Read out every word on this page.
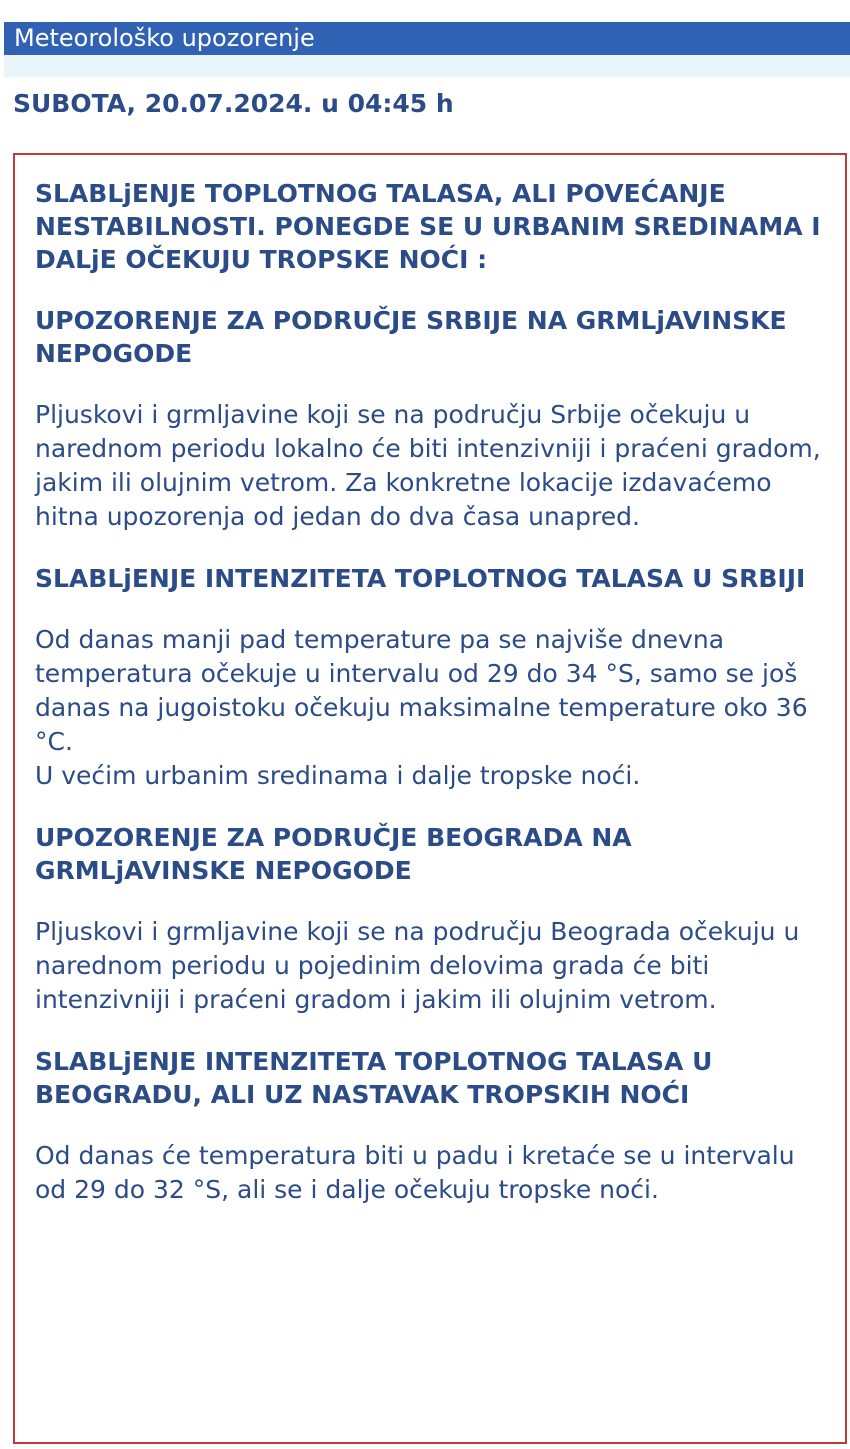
Meteorološko upozorenje
SUBOTA, 20.07.2024. u 04:45 h
SLABLjENJE TOPLOTNOG TALASA, ALI POVEĆANJE NESTABILNOSTI. PONEGDE SE U URBANIM SREDINAMA I DALjE OČEKUJU TROPSKE NOĆI :
UPOZORENJE ZA PODRUČJE SRBIJE NA GRMLjAVINSKE NEPOGODE
Pljuskovi i grmljavine koji se na području Srbije očekuju u narednom periodu lokalno će biti intenzivniji i praćeni gradom, jakim ili olujnim vetrom. Za konkretne lokacije izdavaćemo hitna upozorenja od jedan do dva časa unapred.
SLABLjENJE INTENZITETA TOPLOTNOG TALASA U SRBIJI
Od danas manji pad temperature pa se najviše dnevna temperatura očekuje u intervalu od 29 do 34 °S, samo se još danas na jugoistoku očekuju maksimalne temperature oko 36 °C.
U većim urbanim sredinama i dalje tropske noći.
UPOZORENJE ZA PODRUČJE BEOGRADA NA GRMLjAVINSKE NEPOGODE
Pljuskovi i grmljavine koji se na području Beograda očekuju u narednom periodu u pojedinim delovima grada će biti intenzivniji i praćeni gradom i jakim ili olujnim vetrom.
SLABLjENJE INTENZITETA TOPLOTNOG TALASA U BEOGRADU, ALI UZ NASTAVAK TROPSKIH NOĆI
Od danas će temperatura biti u padu i kretaće se u intervalu od 29 do 32 °S, ali se i dalje očekuju tropske noći.
